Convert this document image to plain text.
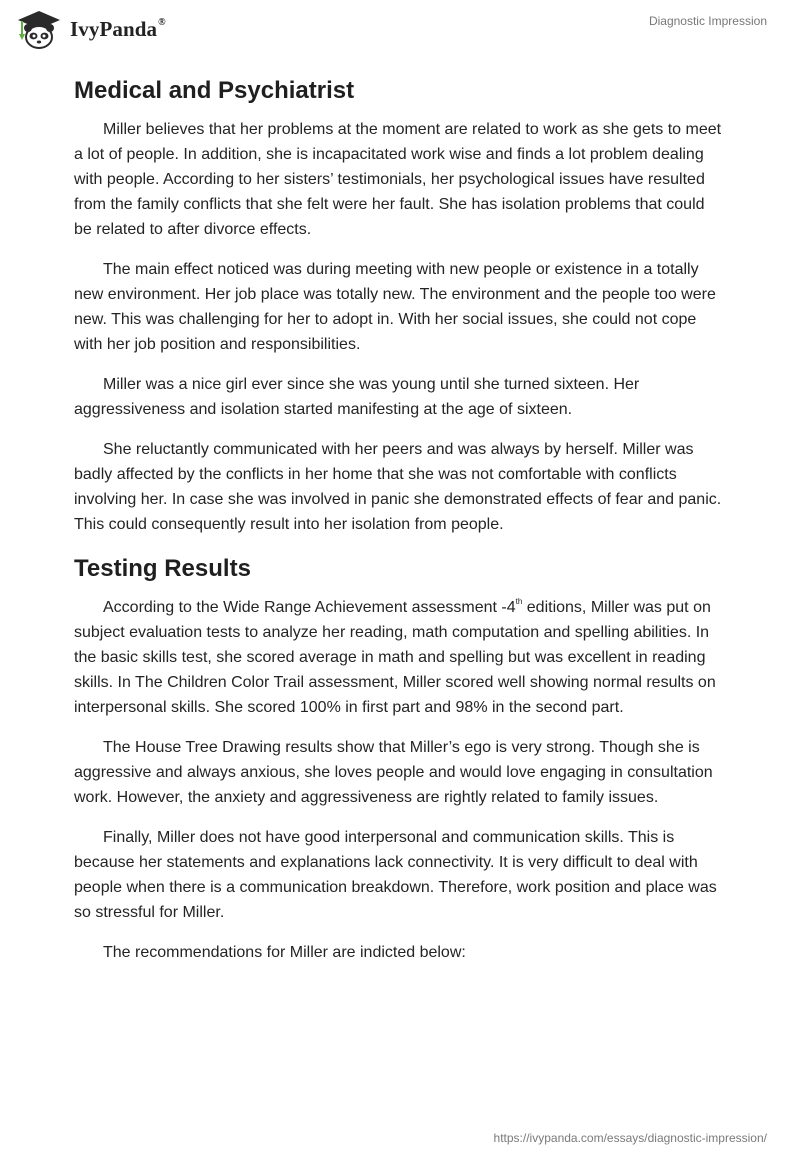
IvyPanda®	Diagnostic Impression
Medical and Psychiatrist

Miller believes that her problems at the moment are related to work as she gets to meet a lot of people. In addition, she is incapacitated work wise and finds a lot problem dealing with people. According to her sisters’ testimonials, her psychological issues have resulted from the family conflicts that she felt were her fault. She has isolation problems that could be related to after divorce effects.

The main effect noticed was during meeting with new people or existence in a totally new environment. Her job place was totally new. The environment and the people too were new. This was challenging for her to adopt in. With her social issues, she could not cope with her job position and responsibilities.

Miller was a nice girl ever since she was young until she turned sixteen. Her aggressiveness and isolation started manifesting at the age of sixteen.

She reluctantly communicated with her peers and was always by herself. Miller was badly affected by the conflicts in her home that she was not comfortable with conflicts involving her. In case she was involved in panic she demonstrated effects of fear and panic. This could consequently result into her isolation from people.

Testing Results

According to the Wide Range Achievement assessment -4th editions, Miller was put on subject evaluation tests to analyze her reading, math computation and spelling abilities. In the basic skills test, she scored average in math and spelling but was excellent in reading skills. In The Children Color Trail assessment, Miller scored well showing normal results on interpersonal skills. She scored 100% in first part and 98% in the second part.

The House Tree Drawing results show that Miller’s ego is very strong. Though she is aggressive and always anxious, she loves people and would love engaging in consultation work. However, the anxiety and aggressiveness are rightly related to family issues.

Finally, Miller does not have good interpersonal and communication skills. This is because her statements and explanations lack connectivity. It is very difficult to deal with people when there is a communication breakdown. Therefore, work position and place was so stressful for Miller.

The recommendations for Miller are indicted below:

https://ivypanda.com/essays/diagnostic-impression/
